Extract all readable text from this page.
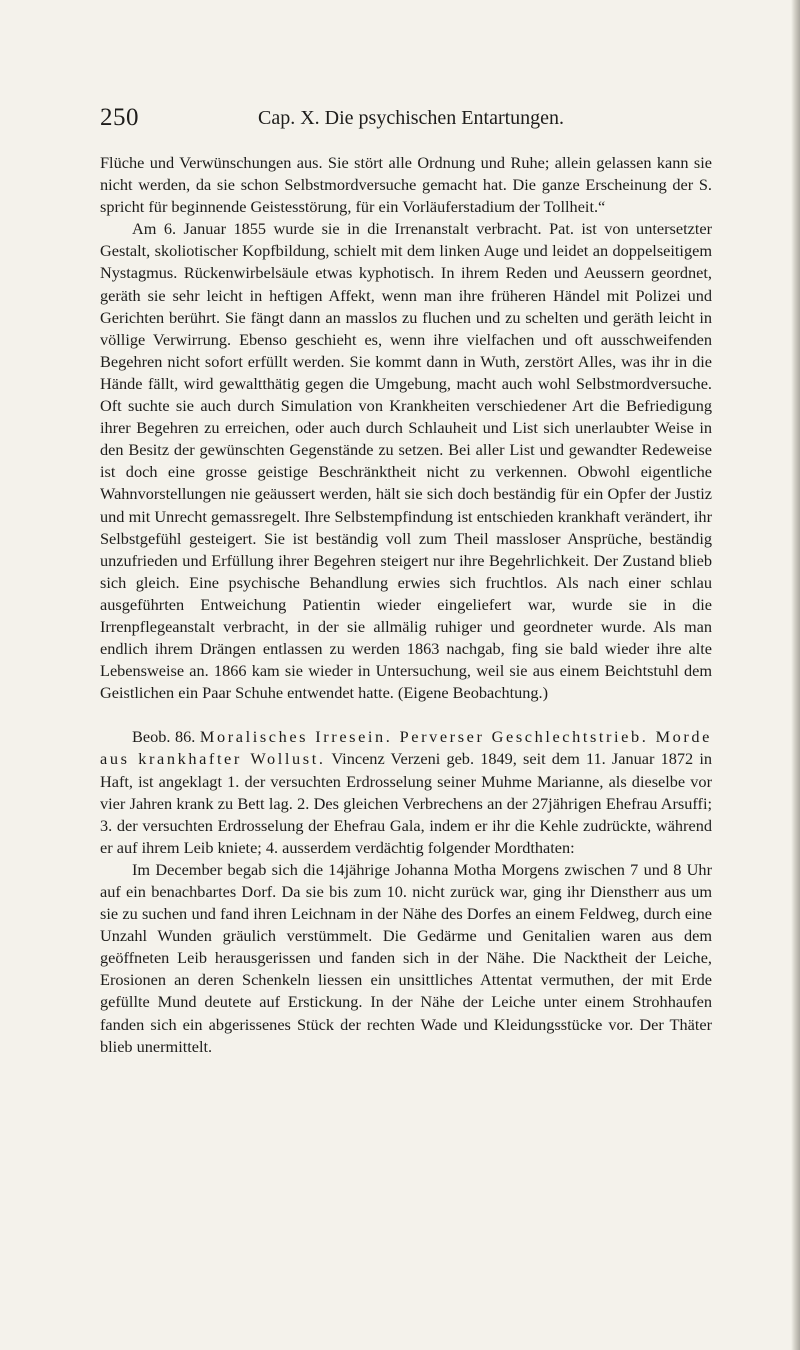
250	Cap. X. Die psychischen Entartungen.

Flüche und Verwünschungen aus. Sie stört alle Ordnung und Ruhe; allein gelassen kann sie nicht werden, da sie schon Selbstmordversuche gemacht hat. Die ganze Erscheinung der S. spricht für beginnende Geistesstörung, für ein Vorläuferstadium der Tollheit.“

Am 6. Januar 1855 wurde sie in die Irrenanstalt verbracht. Pat. ist von untersetzter Gestalt, skoliotischer Kopfbildung, schielt mit dem linken Auge und leidet an doppelseitigem Nystagmus. Rückenwirbelsäule etwas kyphotisch. In ihrem Reden und Aeussern geordnet, geräth sie sehr leicht in heftigen Affekt, wenn man ihre früheren Händel mit Polizei und Gerichten berührt. Sie fängt dann an masslos zu fluchen und zu schelten und geräth leicht in völlige Verwirrung. Ebenso geschieht es, wenn ihre vielfachen und oft ausschweifenden Begehren nicht sofort erfüllt werden. Sie kommt dann in Wuth, zerstört Alles, was ihr in die Hände fällt, wird gewaltthätig gegen die Umgebung, macht auch wohl Selbstmordversuche. Oft suchte sie auch durch Simulation von Krankheiten verschiedener Art die Befriedigung ihrer Begehren zu erreichen, oder auch durch Schlauheit und List sich unerlaubter Weise in den Besitz der gewünschten Gegenstände zu setzen. Bei aller List und gewandter Redeweise ist doch eine grosse geistige Beschränktheit nicht zu verkennen. Obwohl eigentliche Wahnvorstellungen nie geäussert werden, hält sie sich doch beständig für ein Opfer der Justiz und mit Unrecht gemassregelt. Ihre Selbstempfindung ist entschieden krankhaft verändert, ihr Selbstgefühl gesteigert. Sie ist beständig voll zum Theil massloser Ansprüche, beständig unzufrieden und Erfüllung ihrer Begehren steigert nur ihre Begehrlichkeit. Der Zustand blieb sich gleich. Eine psychische Behandlung erwies sich fruchtlos. Als nach einer schlau ausgeführten Entweichung Patientin wieder eingeliefert war, wurde sie in die Irrenpflegeanstalt verbracht, in der sie allmälig ruhiger und geordneter wurde. Als man endlich ihrem Drängen entlassen zu werden 1863 nachgab, fing sie bald wieder ihre alte Lebensweise an. 1866 kam sie wieder in Untersuchung, weil sie aus einem Beichtstuhl dem Geistlichen ein Paar Schuhe entwendet hatte. (Eigene Beobachtung.)

Beob. 86. Moralisches Irresein. Perverser Geschlechtstrieb. Morde aus krankhafter Wollust. Vincenz Verzeni geb. 1849, seit dem 11. Januar 1872 in Haft, ist angeklagt 1. der versuchten Erdrosselung seiner Muhme Marianne, als dieselbe vor vier Jahren krank zu Bett lag. 2. Des gleichen Verbrechens an der 27jährigen Ehefrau Arsuffi; 3. der versuchten Erdrosselung der Ehefrau Gala, indem er ihr die Kehle zudrückte, während er auf ihrem Leib kniete; 4. ausserdem verdächtig folgender Mordthaten:

Im December begab sich die 14jährige Johanna Motha Morgens zwischen 7 und 8 Uhr auf ein benachbartes Dorf. Da sie bis zum 10. nicht zurück war, ging ihr Dienstherr aus um sie zu suchen und fand ihren Leichnam in der Nähe des Dorfes an einem Feldweg, durch eine Unzahl Wunden gräulich verstümmelt. Die Gedärme und Genitalien waren aus dem geöffneten Leib herausgerissen und fanden sich in der Nähe. Die Nacktheit der Leiche, Erosionen an deren Schenkeln liessen ein unsittliches Attentat vermuthen, der mit Erde gefüllte Mund deutete auf Erstickung. In der Nähe der Leiche unter einem Strohhaufen fanden sich ein abgerissenes Stück der rechten Wade und Kleidungsstücke vor. Der Thäter blieb unermittelt.
